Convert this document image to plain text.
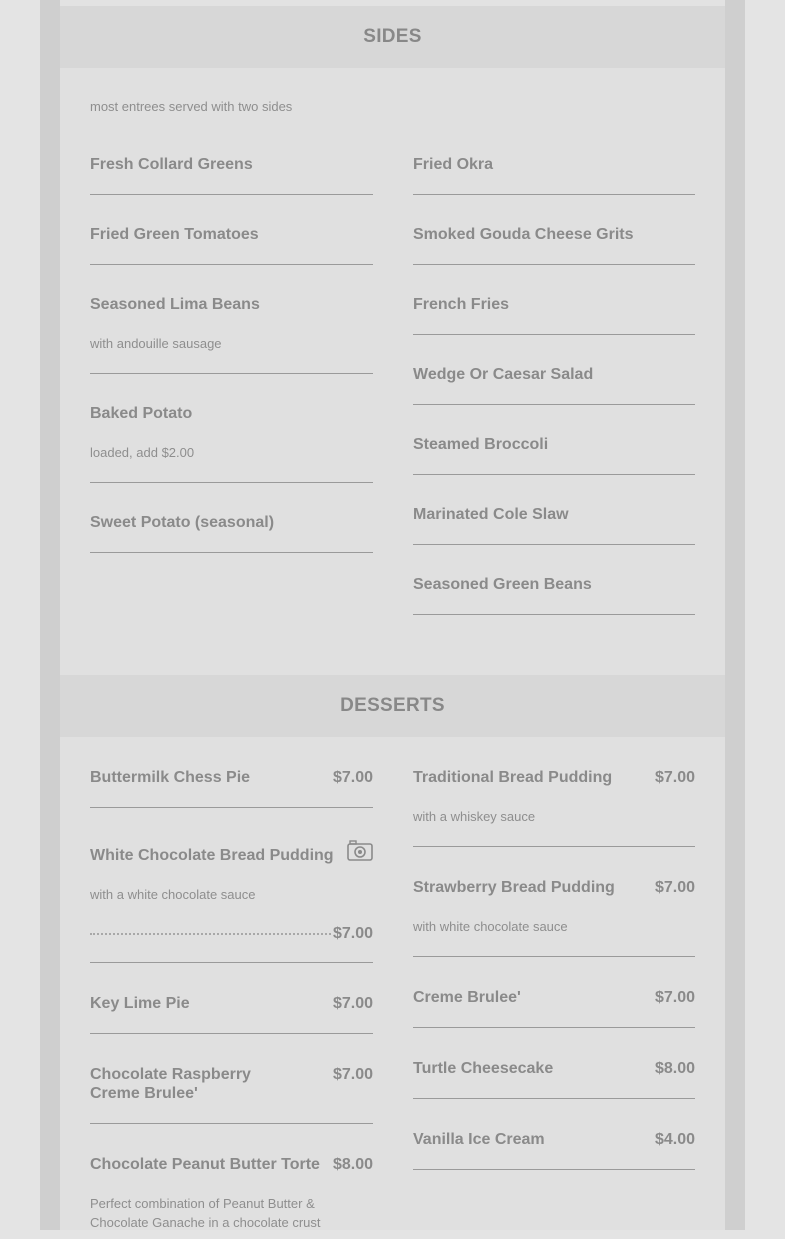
SIDES
most entrees served with two sides
Fresh Collard Greens
Fried Green Tomatoes
Seasoned Lima Beans
with andouille sausage
Baked Potato
loaded, add $2.00
Sweet Potato (seasonal)
Fried Okra
Smoked Gouda Cheese Grits
French Fries
Wedge Or Caesar Salad
Steamed Broccoli
Marinated Cole Slaw
Seasoned Green Beans
DESSERTS
Buttermilk Chess Pie	$7.00
White Chocolate Bread Pudding
with a white chocolate sauce
$7.00
Key Lime Pie	$7.00
Chocolate Raspberry Creme Brulee'
$7.00
Chocolate Peanut Butter Torte $8.00
Perfect combination of Peanut Butter & Chocolate Ganache in a chocolate crust
Traditional Bread Pudding	$7.00
with a whiskey sauce
Strawberry Bread Pudding	$7.00
with white chocolate sauce
Creme Brulee'	$7.00
Turtle Cheesecake	$8.00
Vanilla Ice Cream	$4.00
